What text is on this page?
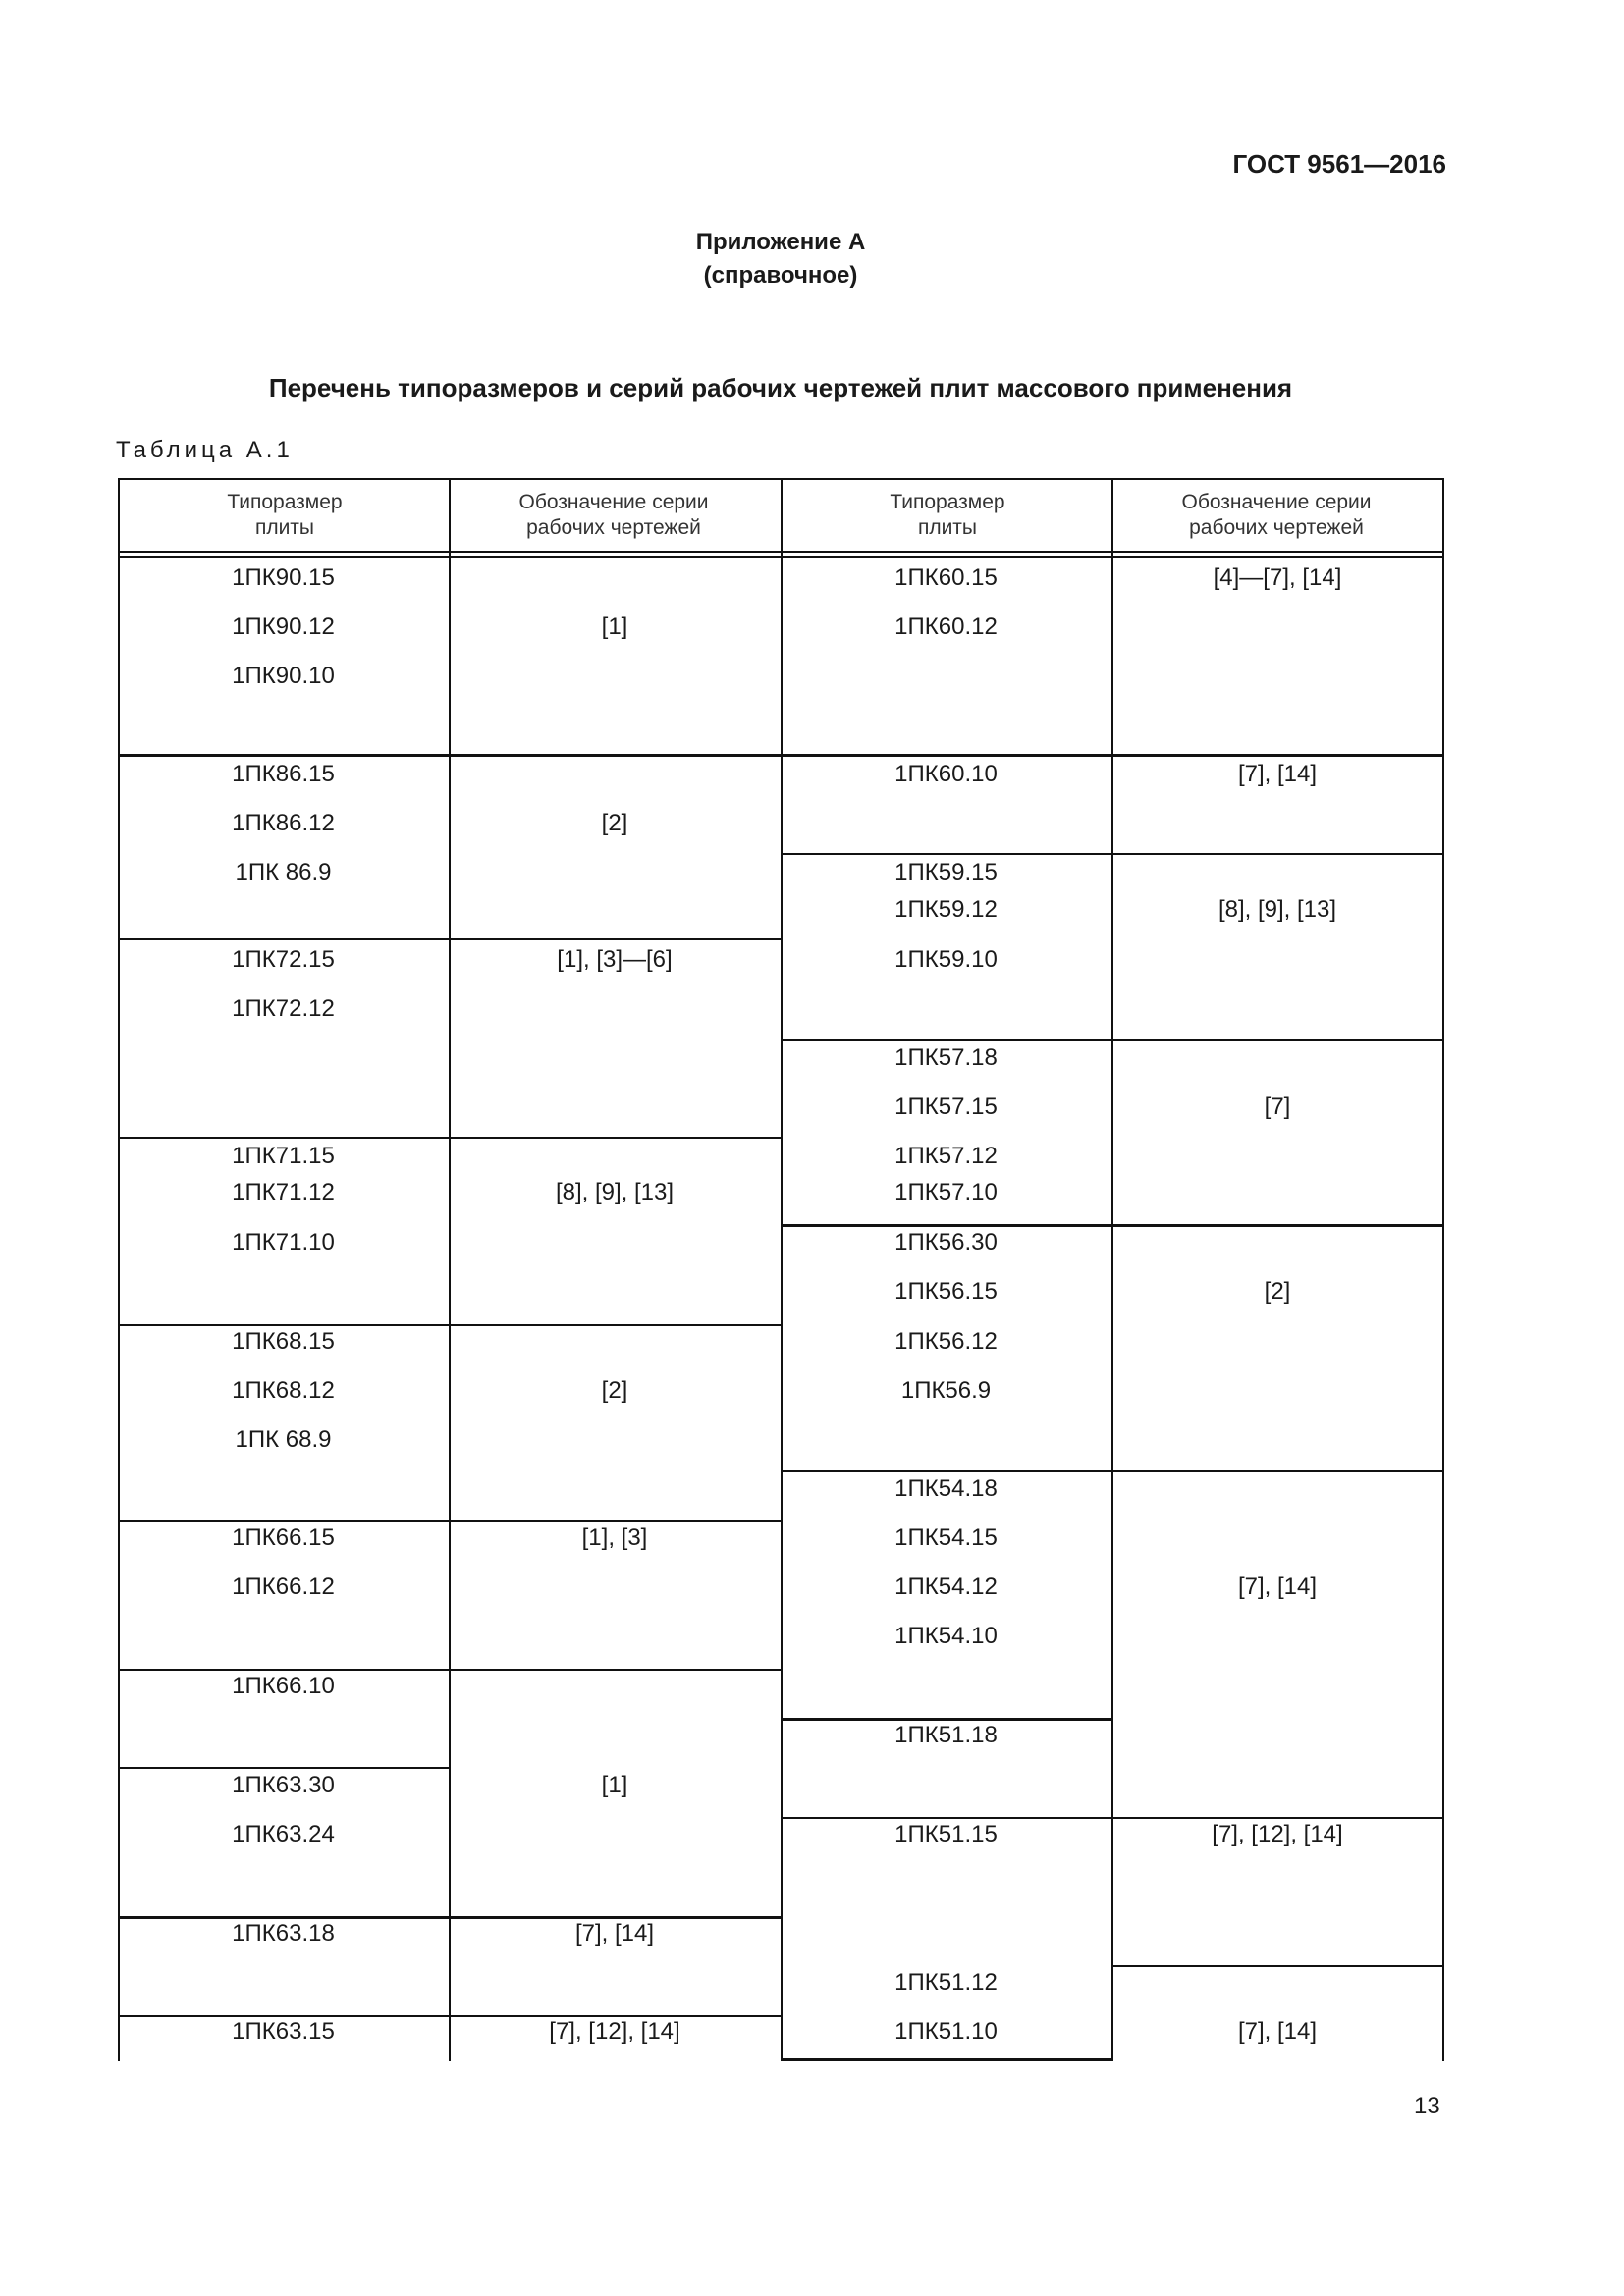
ГОСТ 9561—2016
Приложение А
(справочное)
Перечень типоразмеров и серий рабочих чертежей плит массового применения
Таблица А.1
Типоразмер плиты
Обозначение серии рабочих чертежей
Типоразмер плиты
Обозначение серии рабочих чертежей
1ПК90.15
1ПК90.12
1ПК90.10
1ПК86.15
1ПК86.12
1ПК 86.9
1ПК72.15
1ПК72.12
1ПК71.15
1ПК71.12
1ПК71.10
1ПК68.15
1ПК68.12
1ПК 68.9
1ПК66.15
1ПК66.12
1ПК66.10
1ПК63.30
1ПК63.24
1ПК63.18
1ПК63.15
[1]
[2]
[1], [3]—[6]
[8], [9], [13]
[2]
[1], [3]
[1]
[7], [14]
[7], [12], [14]
1ПК60.15
1ПК60.12
1ПК60.10
1ПК59.15
1ПК59.12
1ПК59.10
1ПК57.18
1ПК57.15
1ПК57.12
1ПК57.10
1ПК56.30
1ПК56.15
1ПК56.12
1ПК56.9
1ПК54.18
1ПК54.15
1ПК54.12
1ПК54.10
1ПК51.18
1ПК51.15
1ПК51.12
1ПК51.10
[4]—[7], [14]
[7], [14]
[8], [9], [13]
[7]
[2]
[7], [14]
[7], [12], [14]
[7], [14]
13
